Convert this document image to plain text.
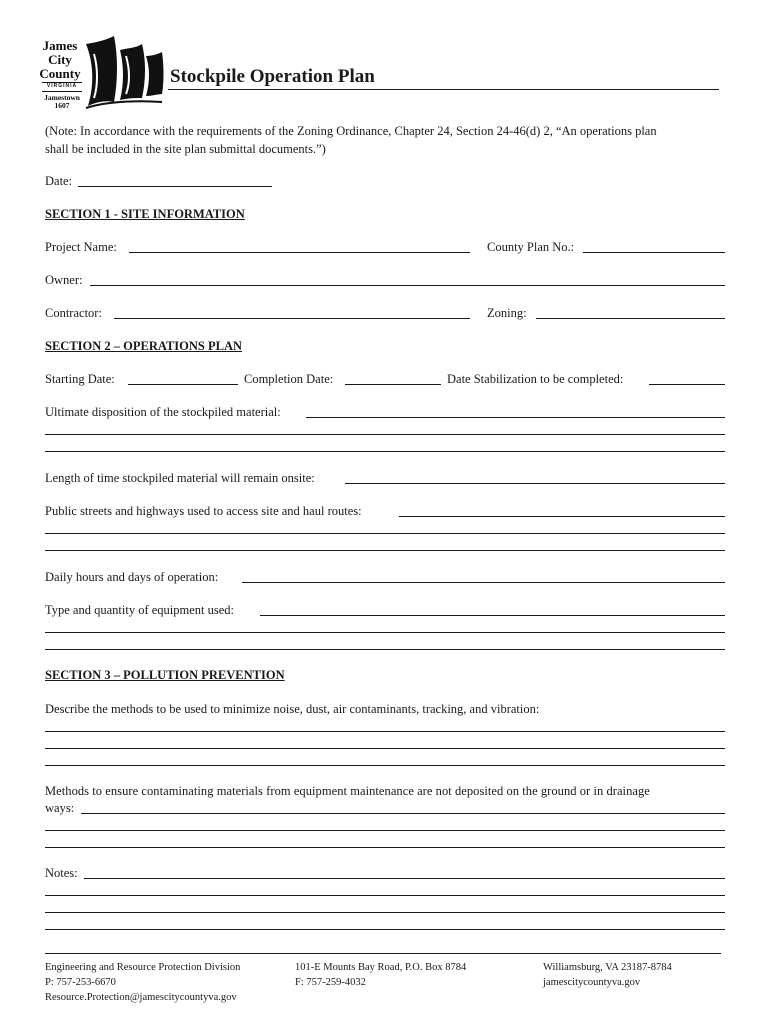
James
City
County
VIRGINIA
Jamestown
1607
Stockpile Operation Plan
(Note: In accordance with the requirements of the Zoning Ordinance, Chapter 24, Section 24-46(d) 2, “An operations plan
shall be included in the site plan submittal documents.”)
Date:
SECTION 1 - SITE INFORMATION
Project Name:	County Plan No.:
Owner:
Contractor:	Zoning:
SECTION 2 – OPERATIONS PLAN
Starting Date:	Completion Date:	Date Stabilization to be completed:
Ultimate disposition of the stockpiled material:
Length of time stockpiled material will remain onsite:
Public streets and highways used to access site and haul routes:
Daily hours and days of operation:
Type and quantity of equipment used:
SECTION 3 – POLLUTION PREVENTION
Describe the methods to be used to minimize noise, dust, air contaminants, tracking, and vibration:
Methods to ensure contaminating materials from equipment maintenance are not deposited on the ground or in drainage
ways:
Notes:
Engineering and Resource Protection Division
P: 757-253-6670
Resource.Protection@jamescitycountyva.gov
101-E Mounts Bay Road, P.O. Box 8784
F: 757-259-4032
Williamsburg, VA 23187-8784
jamescitycountyva.gov
